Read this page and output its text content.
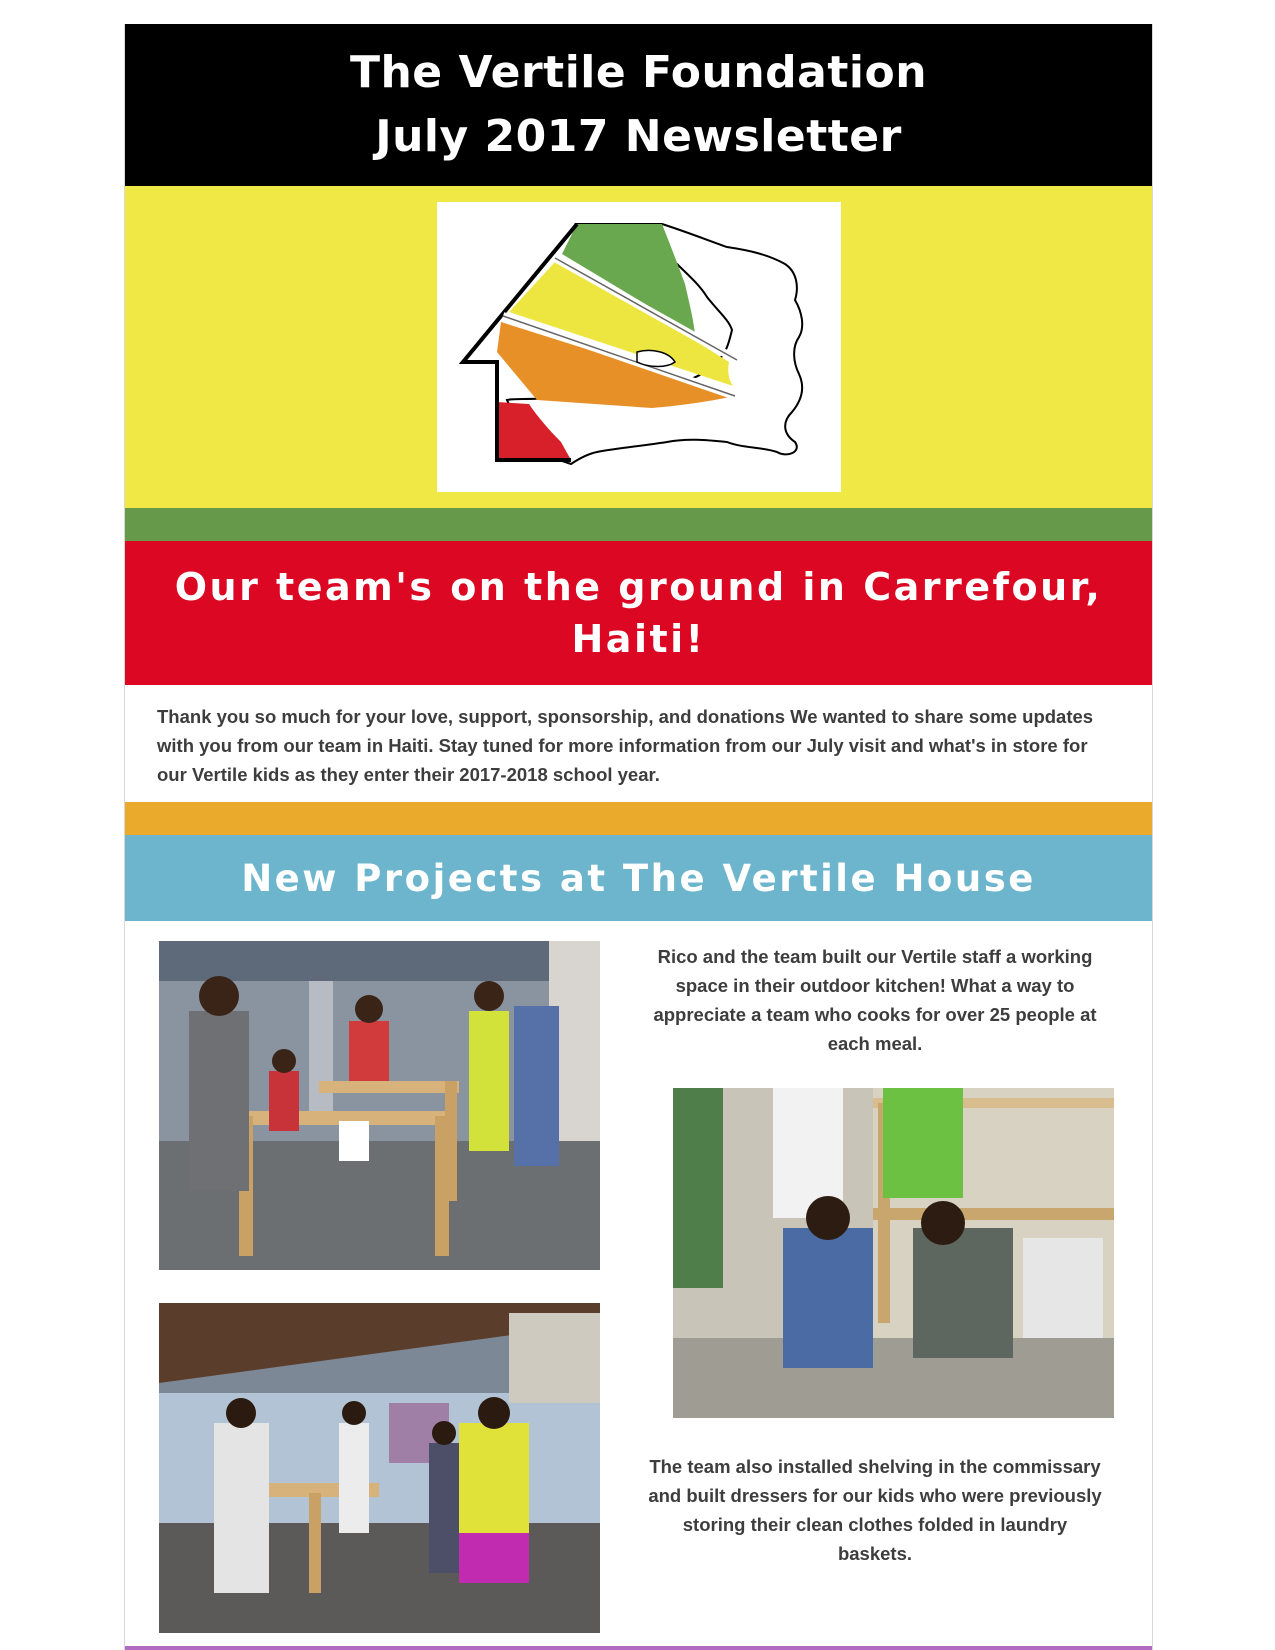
The Vertile Foundation
July 2017 Newsletter
Our team's on the ground in Carrefour,
Haiti!
Thank you so much for your love, support, sponsorship, and donations We wanted to share some updates with you from our team in Haiti. Stay tuned for more information from our July visit and what's in store for our Vertile kids as they enter their 2017-2018 school year.
New Projects at The Vertile House
Rico and the team built our Vertile staff a working space in their outdoor kitchen! What a way to appreciate a team who cooks for over 25 people at each meal.
The team also installed shelving in the commissary and built dressers for our kids who were previously storing their clean clothes folded in laundry baskets.
